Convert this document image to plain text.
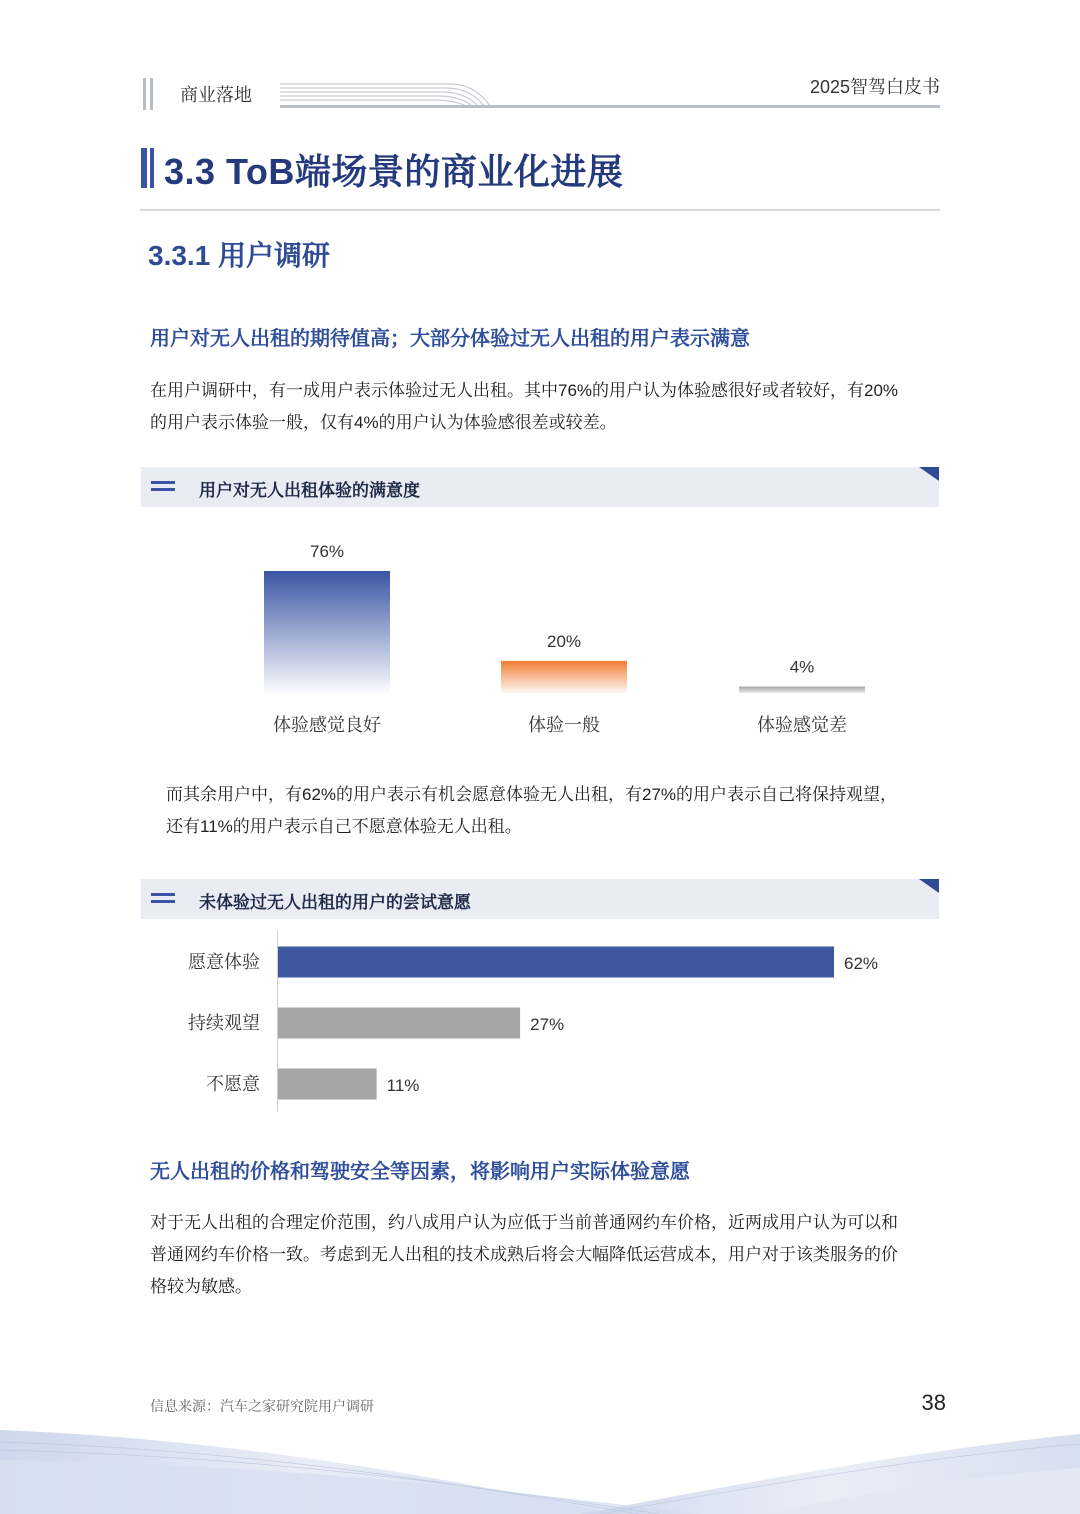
商业落地	2025智驾白皮书
3.3 ToB端场景的商业化进展
3.3.1 用户调研
用户对无人出租的期待值高；大部分体验过无人出租的用户表示满意
在用户调研中，有一成用户表示体验过无人出租。其中76%的用户认为体验感很好或者较好，有20%
的用户表示体验一般，仅有4%的用户认为体验感很差或较差。
用户对无人出租体验的满意度
76%
体验感觉良好
20%
体验一般
4%
体验感觉差
而其余用户中，有62%的用户表示有机会愿意体验无人出租，有27%的用户表示自己将保持观望，
还有11%的用户表示自己不愿意体验无人出租。
未体验过无人出租的用户的尝试意愿
愿意体验	62%
持续观望	27%
不愿意	11%
无人出租的价格和驾驶安全等因素，将影响用户实际体验意愿
对于无人出租的合理定价范围，约八成用户认为应低于当前普通网约车价格，近两成用户认为可以和
普通网约车价格一致。考虑到无人出租的技术成熟后将会大幅降低运营成本，用户对于该类服务的价
格较为敏感。
信息来源：汽车之家研究院用户调研	38
